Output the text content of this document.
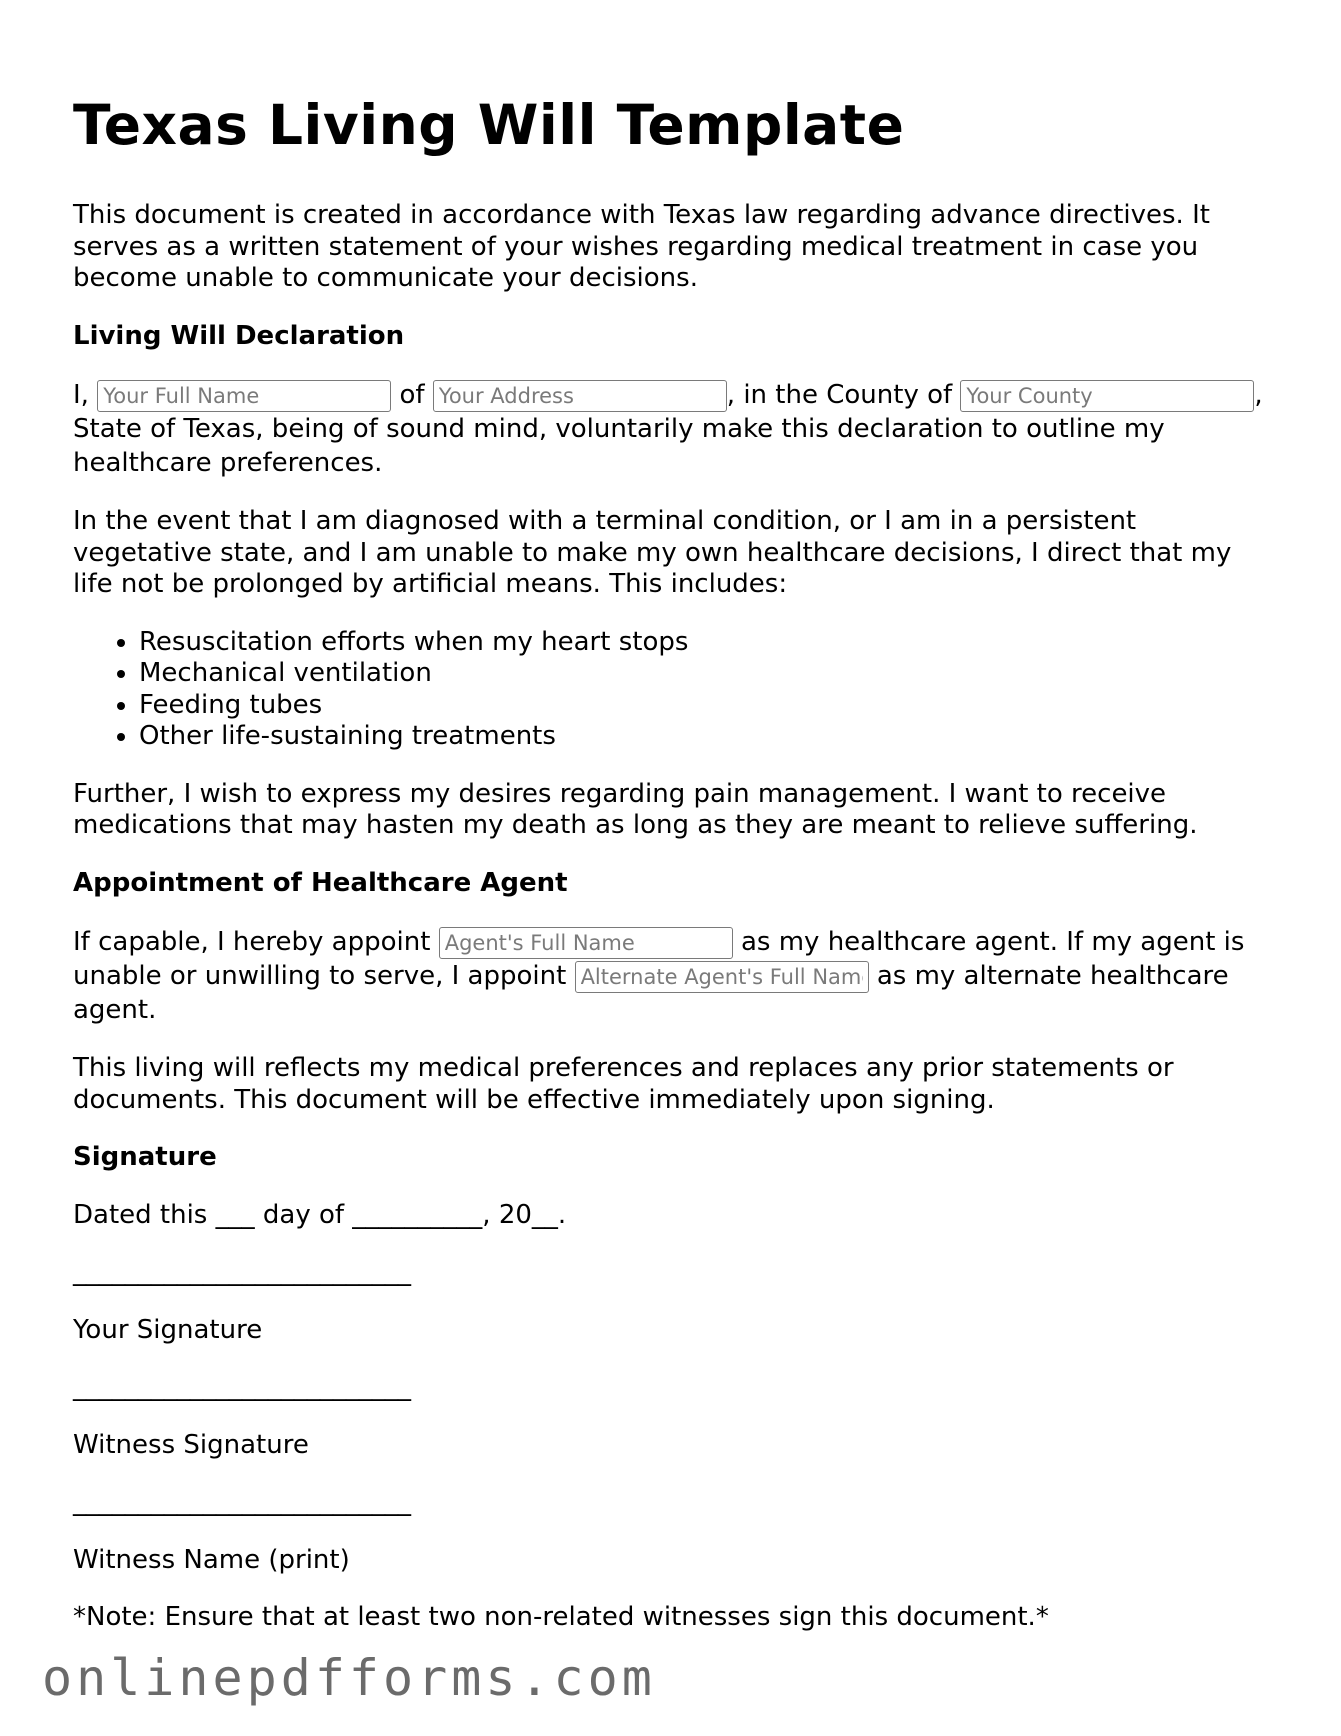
Texas Living Will Template

This document is created in accordance with Texas law regarding advance directives. It serves as a written statement of your wishes regarding medical treatment in case you become unable to communicate your decisions.

Living Will Declaration

I, Your Full Name	of Your Address	, in the County of Your County	, State of Texas, being of sound mind, voluntarily make this declaration to outline my healthcare preferences.

In the event that I am diagnosed with a terminal condition, or I am in a persistent vegetative state, and I am unable to make my own healthcare decisions, I direct that my life not be prolonged by artificial means. This includes:

• Resuscitation efforts when my heart stops
• Mechanical ventilation
• Feeding tubes
• Other life-sustaining treatments

Further, I wish to express my desires regarding pain management. I want to receive medications that may hasten my death as long as they are meant to relieve suffering.

Appointment of Healthcare Agent

If capable, I hereby appoint Agent's Full Name	as my healthcare agent. If my agent is unable or unwilling to serve, I appoint Alternate Agent's Full Name	as my alternate healthcare agent.

This living will reflects my medical preferences and replaces any prior statements or documents. This document will be effective immediately upon signing.

Signature

Dated this ___ day of __________, 20__.

__________________________

Your Signature

__________________________

Witness Signature

__________________________

Witness Name (print)

*Note: Ensure that at least two non-related witnesses sign this document.*

onlinepdfforms.com
